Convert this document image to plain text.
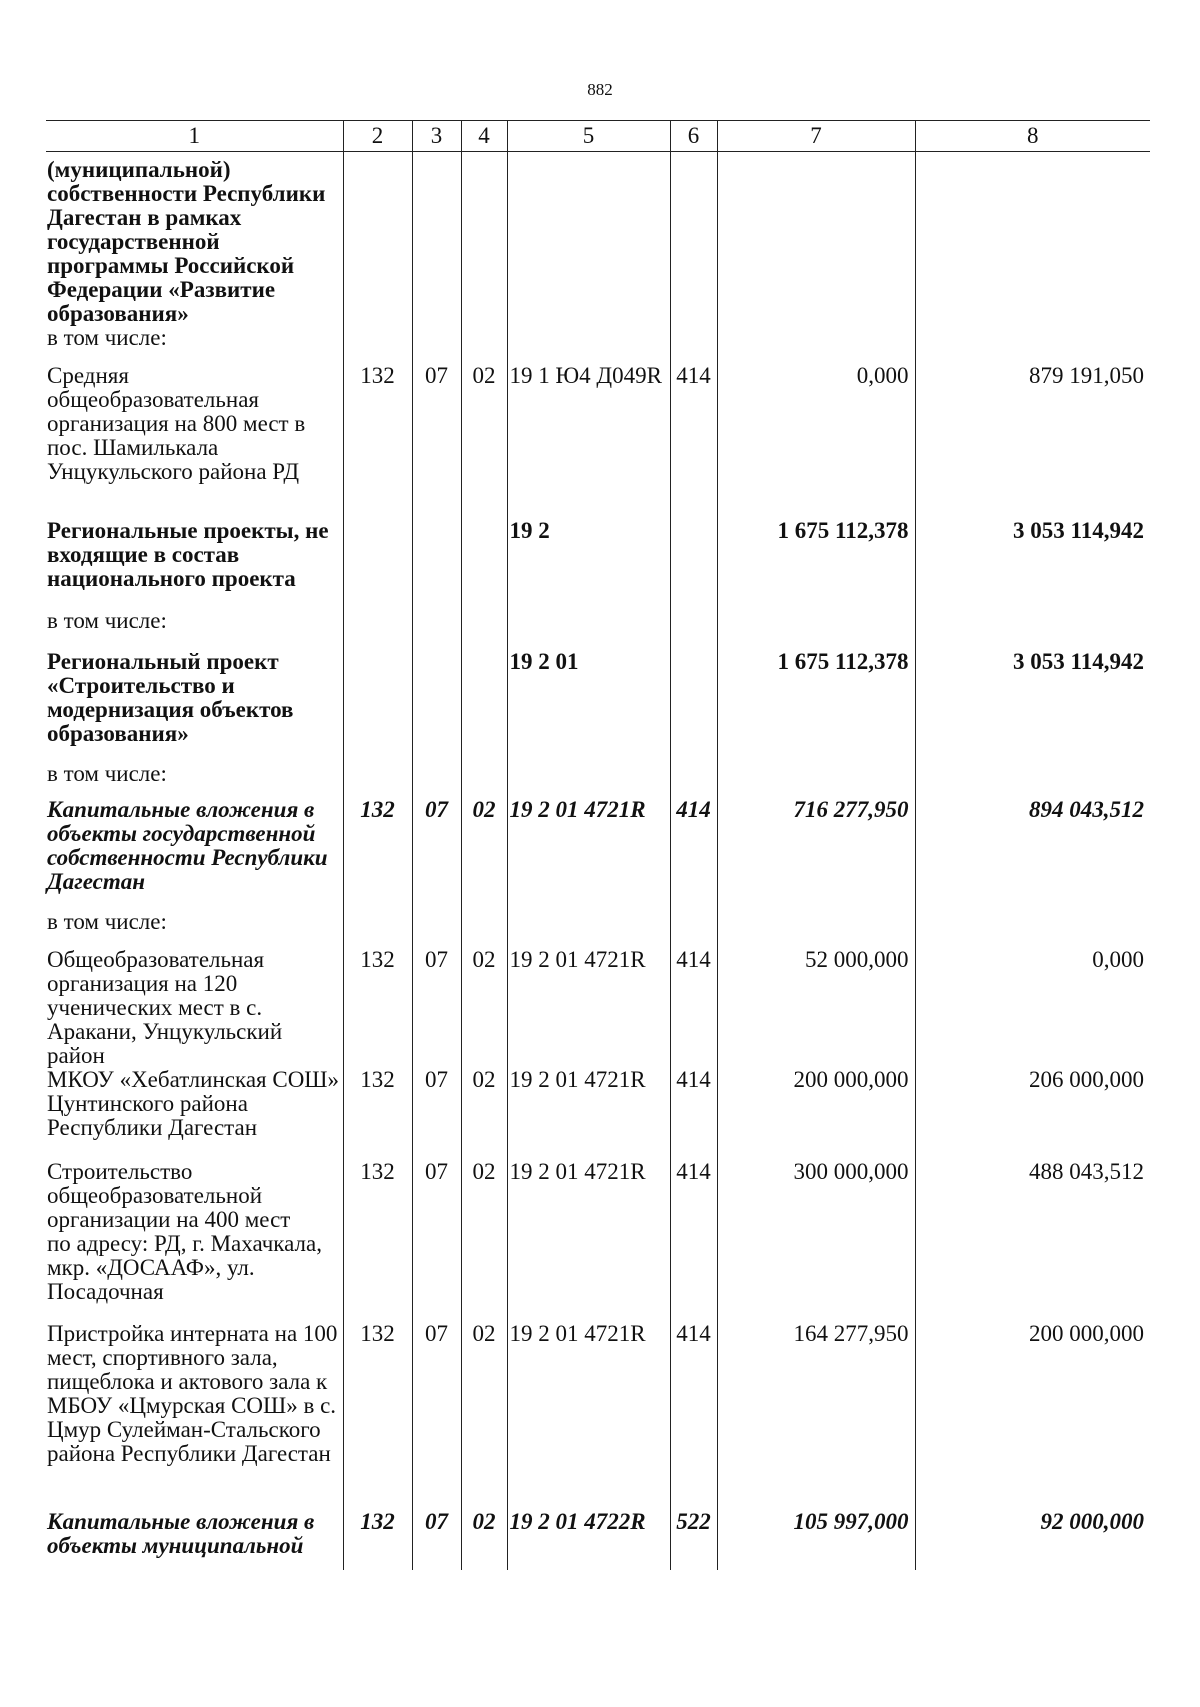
882
1	2	3	4	5	6	7	8
(муниципальной) собственности Республики Дагестан в рамках государственной программы Российской Федерации «Развитие образования»							
в том числе:							
Средняя общеобразовательная организация на 800 мест в пос. Шамилькала Унцукульского района РД	132	07	02	19 1 Ю4 Д049R	414	0,000	879 191,050
Региональные проекты, не входящие в состав национального проекта				19 2		1 675 112,378	3 053 114,942
в том числе:							
Региональный проект «Строительство и модернизация объектов образования»				19 2 01		1 675 112,378	3 053 114,942
в том числе:							
Капитальные вложения в объекты государственной собственности Республики Дагестан	132	07	02	19 2 01 4721R	414	716 277,950	894 043,512
в том числе:							
Общеобразовательная организация на 120 ученических мест в с. Аракани, Унцукульский район	132	07	02	19 2 01 4721R	414	52 000,000	0,000
МКОУ «Хебатлинская СОШ» Цунтинского района Республики Дагестан	132	07	02	19 2 01 4721R	414	200 000,000	206 000,000

Строительство общеобразовательной организации на 400 мест
по адресу: РД, г. Махачкала, мкр. «ДОСААФ», ул. Посадочная	132	07	02	19 2 01 4721R	414	300 000,000	488 043,512
Пристройка интерната на 100 мест, спортивного зала, пищеблока и актового зала к МБОУ «Цмурская СОШ» в с. Цмур Сулейман-Стальского района Республики Дагестан	132	07	02	19 2 01 4721R	414	164 277,950	200 000,000
Капитальные вложения в объекты муниципальной	132	07	02	19 2 01 4722R	522	105 997,000	92 000,000
